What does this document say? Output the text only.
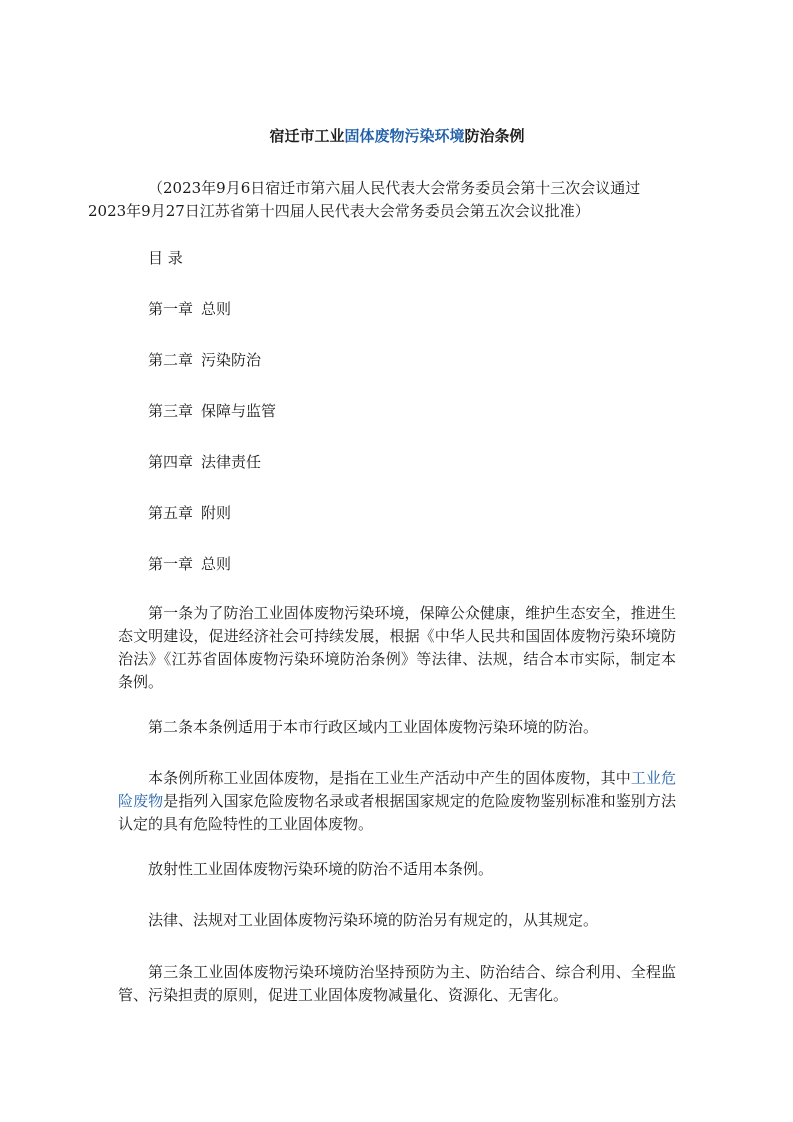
宿迁市工业固体废物污染环境防治条例
（2023年9月6日宿迁市第六届人民代表大会常务委员会第十三次会议通过
2023年9月27日江苏省第十四届人民代表大会常务委员会第五次会议批准）
目 录
第一章 总则
第二章 污染防治
第三章 保障与监管
第四章 法律责任
第五章 附则
第一章 总则
第一条为了防治工业固体废物污染环境，保障公众健康，维护生态安全，推进生态文明建设，促进经济社会可持续发展，根据《中华人民共和国固体废物污染环境防治法》《江苏省固体废物污染环境防治条例》等法律、法规，结合本市实际，制定本条例。
第二条本条例适用于本市行政区域内工业固体废物污染环境的防治。
本条例所称工业固体废物，是指在工业生产活动中产生的固体废物，其中工业危险废物是指列入国家危险废物名录或者根据国家规定的危险废物鉴别标准和鉴别方法认定的具有危险特性的工业固体废物。
放射性工业固体废物污染环境的防治不适用本条例。
法律、法规对工业固体废物污染环境的防治另有规定的，从其规定。
第三条工业固体废物污染环境防治坚持预防为主、防治结合、综合利用、全程监管、污染担责的原则，促进工业固体废物减量化、资源化、无害化。
